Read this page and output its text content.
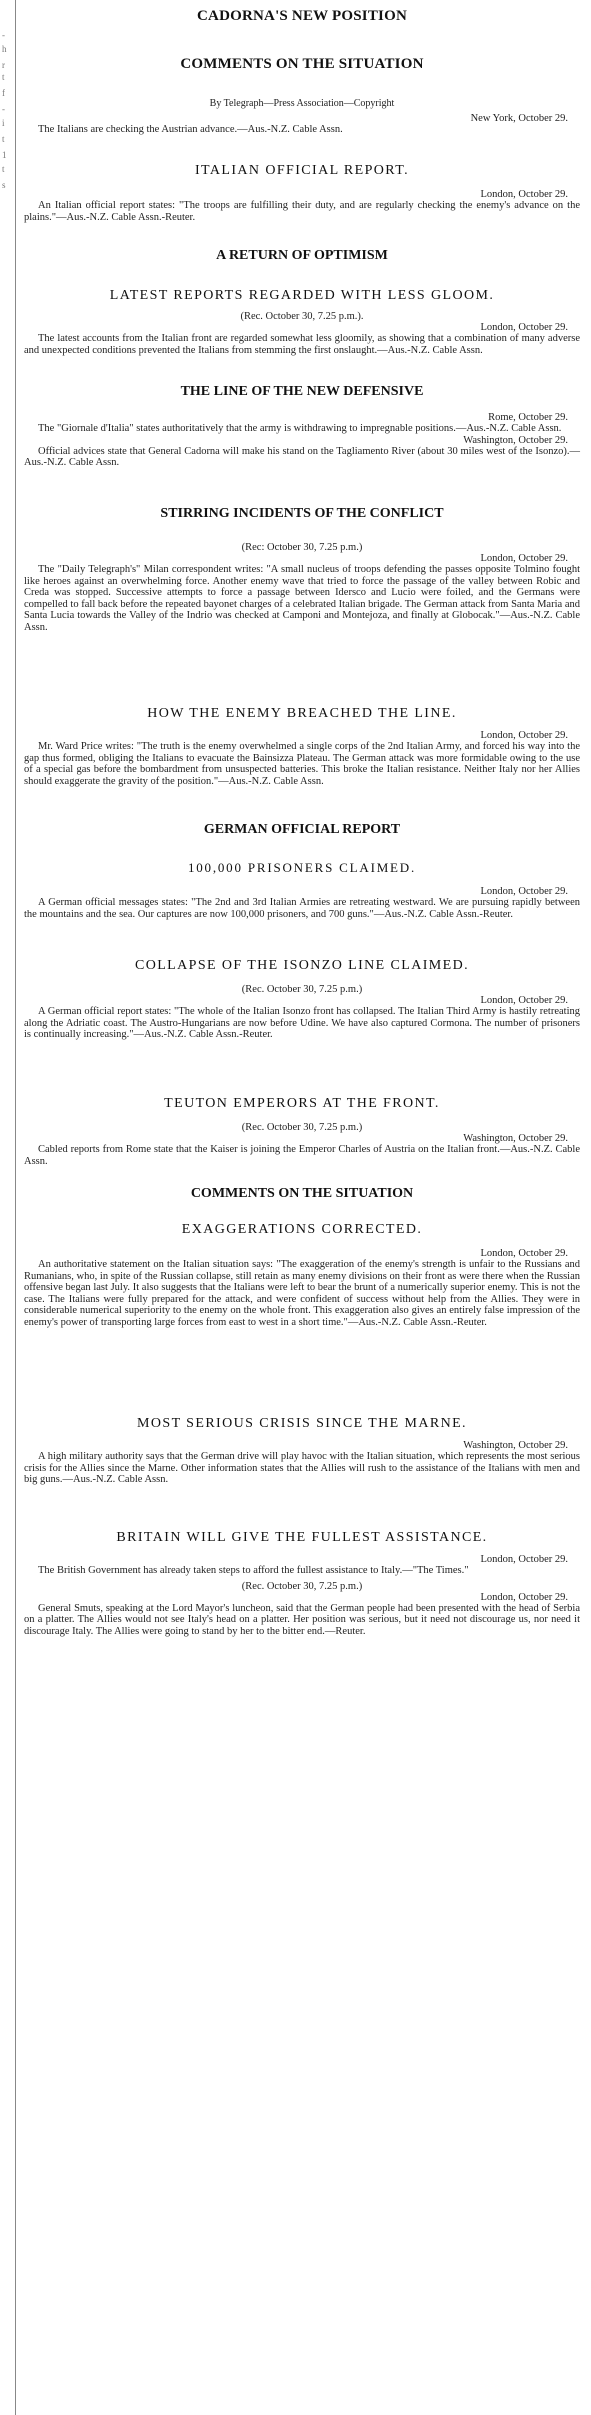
-
h
r
t
f
-
i
t
1
t
s
CADORNA'S NEW POSITION
COMMENTS ON THE SITUATION

By Telegraph—Press Association—Copyright

New York, October 29.

The Italians are checking the Austrian advance.—Aus.-N.Z. Cable Assn.

ITALIAN OFFICIAL REPORT.

London, October 29.

An Italian official report states: "The troops are fulfilling their duty, and are regularly checking the enemy's advance on the plains."—Aus.-N.Z. Cable Assn.-Reuter.

A RETURN OF OPTIMISM
LATEST REPORTS REGARDED WITH LESS GLOOM.

(Rec. October 30, 7.25 p.m.).

London, October 29.

The latest accounts from the Italian front are regarded somewhat less gloomily, as showing that a combination of many adverse and unexpected conditions prevented the Italians from stemming the first onslaught.—Aus.-N.Z. Cable Assn.

THE LINE OF THE NEW DEFENSIVE

Rome, October 29.

The "Giornale d'Italia" states authoritatively that the army is withdrawing to impregnable positions.—Aus.-N.Z. Cable Assn.

Washington, October 29.

Official advices state that General Cadorna will make his stand on the Tagliamento River (about 30 miles west of the Isonzo).—Aus.-N.Z. Cable Assn.

STIRRING INCIDENTS OF THE CONFLICT

(Rec: October 30, 7.25 p.m.)

London, October 29.

The "Daily Telegraph's" Milan correspondent writes: "A small nucleus of troops defending the passes opposite Tolmino fought like heroes against an overwhelming force. Another enemy wave that tried to force the passage of the valley between Robic and Creda was stopped. Successive attempts to force a passage between Idersco and Lucio were foiled, and the Germans were compelled to fall back before the repeated bayonet charges of a celebrated Italian brigade. The German attack from Santa Maria and Santa Lucia towards the Valley of the Indrio was checked at Camponi and Montejoza, and finally at Globocak."—Aus.-N.Z. Cable Assn.

HOW THE ENEMY BREACHED THE LINE.

London, October 29.

Mr. Ward Price writes: "The truth is the enemy overwhelmed a single corps of the 2nd Italian Army, and forced his way into the gap thus formed, obliging the Italians to evacuate the Bainsizza Plateau. The German attack was more formidable owing to the use of a special gas before the bombardment from unsuspected batteries. This broke the Italian resistance. Neither Italy nor her Allies should exaggerate the gravity of the position."—Aus.-N.Z. Cable Assn.

GERMAN OFFICIAL REPORT
100,000 PRISONERS CLAIMED.

London, October 29.

A German official messages states: "The 2nd and 3rd Italian Armies are retreating westward. We are pursuing rapidly between the mountains and the sea. Our captures are now 100,000 prisoners, and 700 guns."—Aus.-N.Z. Cable Assn.-Reuter.

COLLAPSE OF THE ISONZO LINE CLAIMED.

(Rec. October 30, 7.25 p.m.)

London, October 29.

A German official report states: "The whole of the Italian Isonzo front has collapsed. The Italian Third Army is hastily retreating along the Adriatic coast. The Austro-Hungarians are now before Udine. We have also captured Cormona. The number of prisoners is continually increasing."—Aus.-N.Z. Cable Assn.-Reuter.

TEUTON EMPERORS AT THE FRONT.

(Rec. October 30, 7.25 p.m.)

Washington, October 29.

Cabled reports from Rome state that the Kaiser is joining the Emperor Charles of Austria on the Italian front.—Aus.-N.Z. Cable Assn.

COMMENTS ON THE SITUATION
EXAGGERATIONS CORRECTED.

London, October 29.

An authoritative statement on the Italian situation says: "The exaggeration of the enemy's strength is unfair to the Russians and Rumanians, who, in spite of the Russian collapse, still retain as many enemy divisions on their front as were there when the Russian offensive began last July. It also suggests that the Italians were left to bear the brunt of a numerically superior enemy. This is not the case. The Italians were fully prepared for the attack, and were confident of success without help from the Allies. They were in considerable numerical superiority to the enemy on the whole front. This exaggeration also gives an entirely false impression of the enemy's power of transporting large forces from east to west in a short time."—Aus.-N.Z. Cable Assn.-Reuter.

MOST SERIOUS CRISIS SINCE THE MARNE.

Washington, October 29.

A high military authority says that the German drive will play havoc with the Italian situation, which represents the most serious crisis for the Allies since the Marne. Other information states that the Allies will rush to the assistance of the Italians with men and big guns.—Aus.-N.Z. Cable Assn.

BRITAIN WILL GIVE THE FULLEST ASSISTANCE.

London, October 29.

The British Government has already taken steps to afford the fullest assistance to Italy.—"The Times."

(Rec. October 30, 7.25 p.m.)

London, October 29.

General Smuts, speaking at the Lord Mayor's luncheon, said that the German people had been presented with the head of Serbia on a platter. The Allies would not see Italy's head on a platter. Her position was serious, but it need not discourage us, nor need it discourage Italy. The Allies were going to stand by her to the bitter end.—Reuter.
